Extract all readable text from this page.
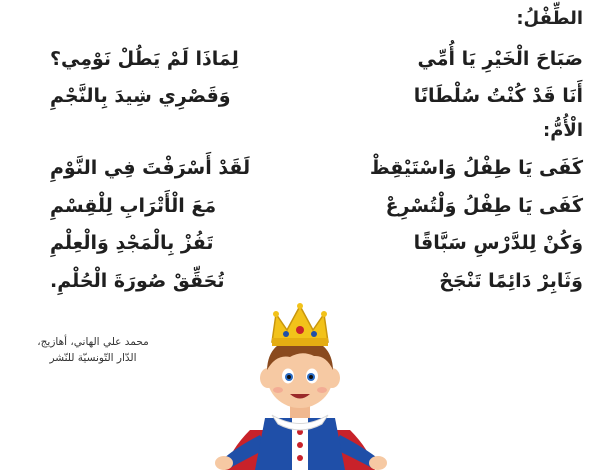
الطِّفْلُ:
صَبَاحَ الْخَيْرِ يَا أُمِّي
لِمَاذَا لَمْ يَطُلْ نَوْمِي؟
أَنَا قَدْ كُنْتُ سُلْطَانًا
وَقَصْرِي شِيدَ بِالنَّجْمِ
الْأُمُّ:
كَفَى يَا طِفْلُ وَاسْتَيْقِظْ
لَقَدْ أَسْرَفْتَ فِي النَّوْمِ
كَفَى يَا طِفْلُ وَلْتُسْرِعْ
مَعَ الْأَتْرَابِ لِلْقِسْمِ
وَكُنْ لِلدَّرْسِ سَبَّاقًا
تَفُزْ بِالْمَجْدِ وَالْعِلْمِ
وَثَابِرْ دَائِمًا تَنْجَحْ
تُحَقِّقْ صُورَةَ الْحُلْمِ.
محمد علي الهاني، أهازيج،
الدّار التّونسيّة للنّشر
